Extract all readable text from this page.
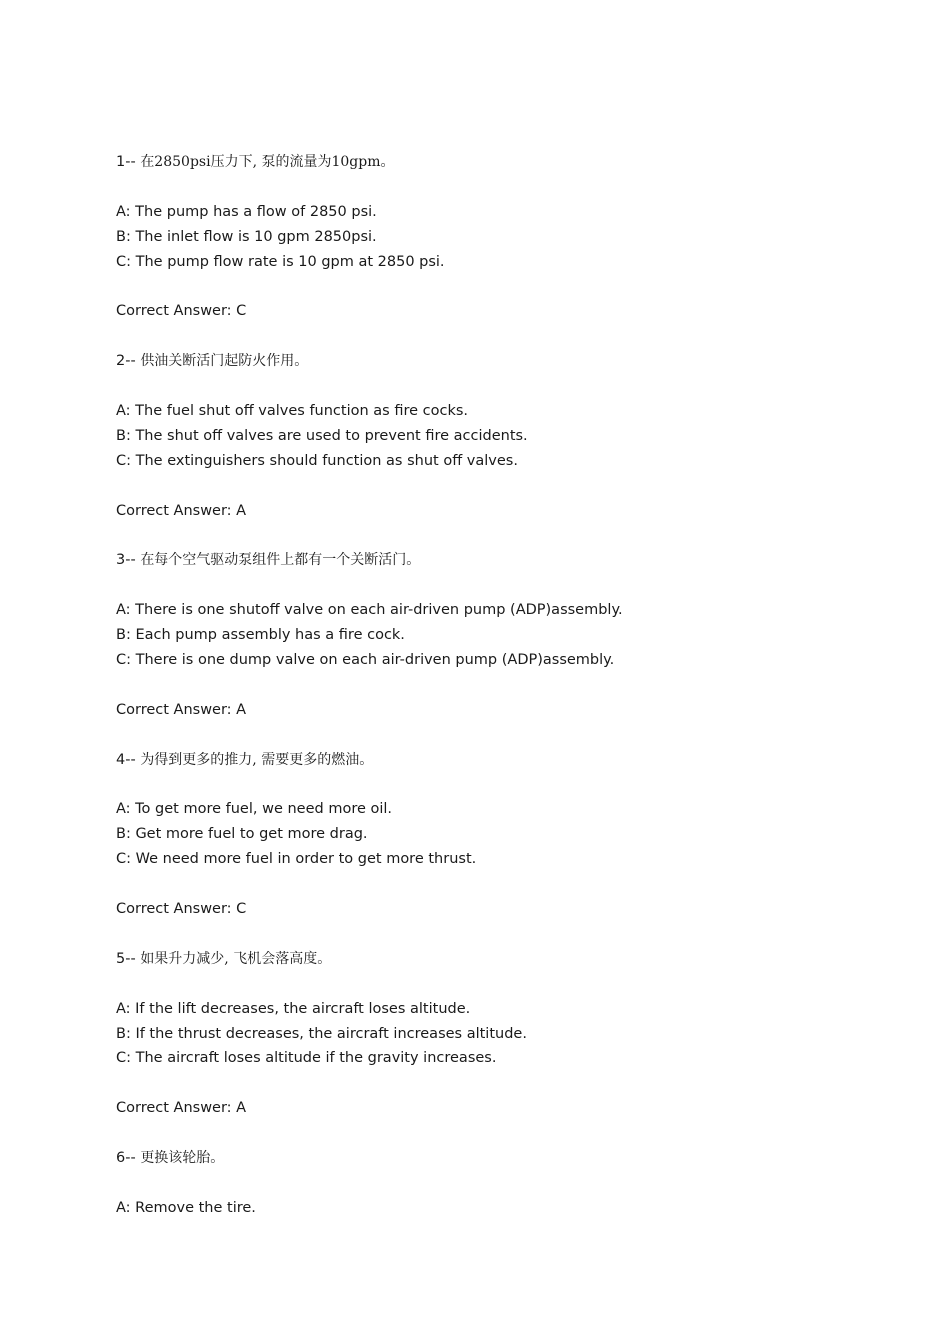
1-- 在2850psi压力下, 泵的流量为10gpm。
A: The pump has a flow of 2850 psi.
B: The inlet flow is 10 gpm 2850psi.
C: The pump flow rate is 10 gpm at 2850 psi.
Correct Answer: C
2-- 供油关断活门起防火作用。
A: The fuel shut off valves function as fire cocks.
B: The shut off valves are used to prevent fire accidents.
C: The extinguishers should function as shut off valves.
Correct Answer: A
3-- 在每个空气驱动泵组件上都有一个关断活门。
A: There is one shutoff valve on each air-driven pump (ADP)assembly.
B: Each pump assembly has a fire cock.
C: There is one dump valve on each air-driven pump (ADP)assembly.
Correct Answer: A
4-- 为得到更多的推力, 需要更多的燃油。
A: To get more fuel, we need more oil.
B: Get more fuel to get more drag.
C: We need more fuel in order to get more thrust.
Correct Answer: C
5-- 如果升力减少, 飞机会落高度。
A: If the lift decreases, the aircraft loses altitude.
B: If the thrust decreases, the aircraft increases altitude.
C: The aircraft loses altitude if the gravity increases.
Correct Answer: A
6-- 更换该轮胎。
A: Remove the tire.
